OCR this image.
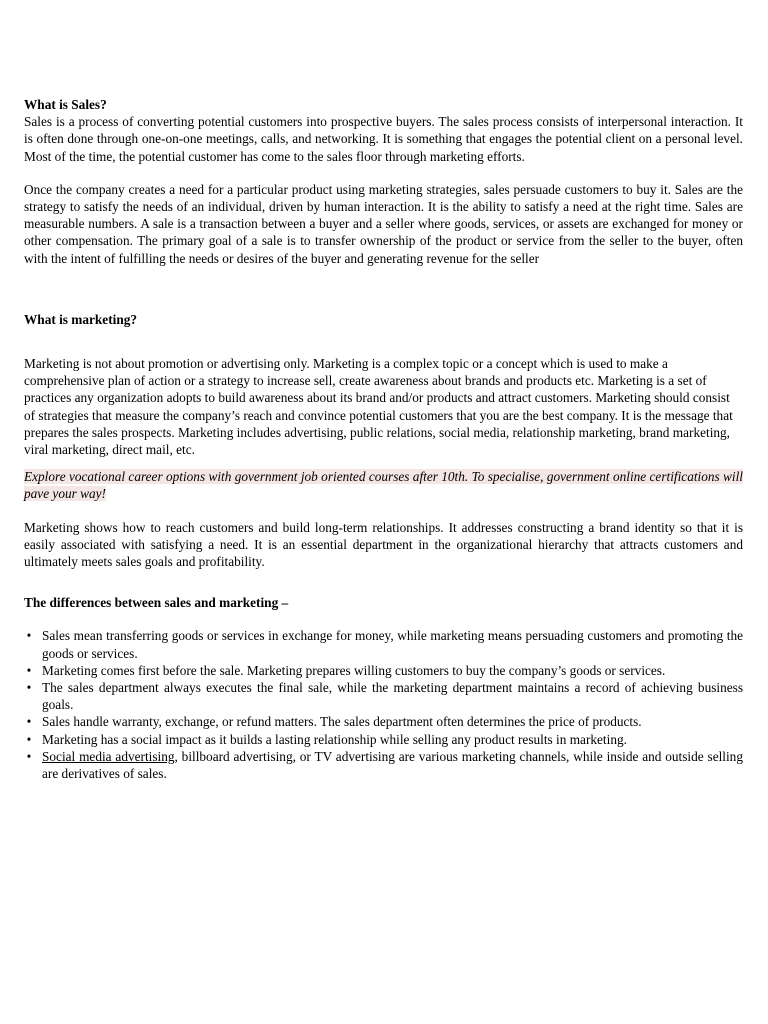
What is Sales?

Sales is a process of converting potential customers into prospective buyers. The sales process consists of interpersonal interaction. It is often done through one-on-one meetings, calls, and networking. It is something that engages the potential client on a personal level. Most of the time, the potential customer has come to the sales floor through marketing efforts.

Once the company creates a need for a particular product using marketing strategies, sales persuade customers to buy it. Sales are the strategy to satisfy the needs of an individual, driven by human interaction. It is the ability to satisfy a need at the right time. Sales are measurable numbers. A sale is a transaction between a buyer and a seller where goods, services, or assets are exchanged for money or other compensation. The primary goal of a sale is to transfer ownership of the product or service from the seller to the buyer, often with the intent of fulfilling the needs or desires of the buyer and generating revenue for the seller

What is marketing?

Marketing is not about promotion or advertising only. Marketing is a complex topic or a concept which is used to make a comprehensive plan of action or a strategy to increase sell, create awareness about brands and products etc. Marketing is a set of practices any organization adopts to build awareness about its brand and/or products and attract customers. Marketing should consist of strategies that measure the company’s reach and convince potential customers that you are the best company. It is the message that prepares the sales prospects. Marketing includes advertising, public relations, social media, relationship marketing, brand marketing, viral marketing, direct mail, etc.

Explore vocational career options with government job oriented courses after 10th. To specialise, government online certifications will pave your way!

Marketing shows how to reach customers and build long-term relationships. It addresses constructing a brand identity so that it is easily associated with satisfying a need. It is an essential department in the organizational hierarchy that attracts customers and ultimately meets sales goals and profitability.

The differences between sales and marketing –

• Sales mean transferring goods or services in exchange for money, while marketing means persuading customers and promoting the goods or services.
• Marketing comes first before the sale. Marketing prepares willing customers to buy the company’s goods or services.
• The sales department always executes the final sale, while the marketing department maintains a record of achieving business goals.
• Sales handle warranty, exchange, or refund matters. The sales department often determines the price of products.
• Marketing has a social impact as it builds a lasting relationship while selling any product results in marketing.
• Social media advertising, billboard advertising, or TV advertising are various marketing channels, while inside and outside selling are derivatives of sales.
